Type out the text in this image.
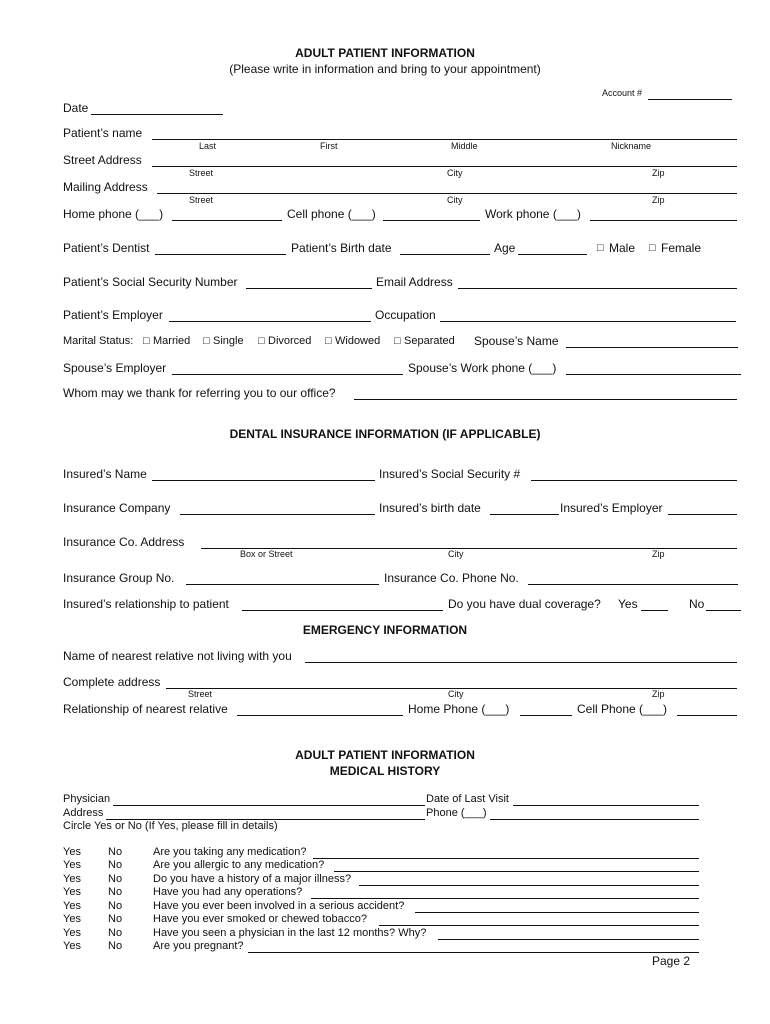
ADULT PATIENT INFORMATION
(Please write in information and bring to your appointment)
Account #
Date
Patient’s name
Last	First	Middle	Nickname
Street Address
Street	City	Zip
Mailing Address
Street	City	Zip
Home phone (___)	Cell phone (___)	Work phone (___)
Patient’s Dentist	Patient’s Birth date	Age	□ Male □ Female
Patient’s Social Security Number	Email Address
Patient’s Employer	Occupation
Marital Status: □ Married □ Single □ Divorced □ Widowed □ Separated Spouse’s Name
Spouse’s Employer	Spouse’s Work phone (___)
Whom may we thank for referring you to our office?
DENTAL INSURANCE INFORMATION (IF APPLICABLE)
Insured’s Name	Insured’s Social Security #
Insurance Company	Insured’s birth date	Insured’s Employer
Insurance Co. Address
Box or Street	City	Zip
Insurance Group No.	Insurance Co. Phone No.
Insured’s relationship to patient	Do you have dual coverage? Yes	No
EMERGENCY INFORMATION
Name of nearest relative not living with you
Complete address
Street	City	Zip
Relationship of nearest relative	Home Phone (___)	Cell Phone (___)
ADULT PATIENT INFORMATION
MEDICAL HISTORY
Physician	Date of Last Visit
Address	Phone (___)
Circle Yes or No (If Yes, please fill in details)
Yes No	Are you taking any medication?
Yes No	Are you allergic to any medication?
Yes No	Do you have a history of a major illness?
Yes No	Have you had any operations?
Yes No	Have you ever been involved in a serious accident?
Yes No	Have you ever smoked or chewed tobacco?
Yes No	Have you seen a physician in the last 12 months? Why?
Yes No	Are you pregnant?
Page 2
